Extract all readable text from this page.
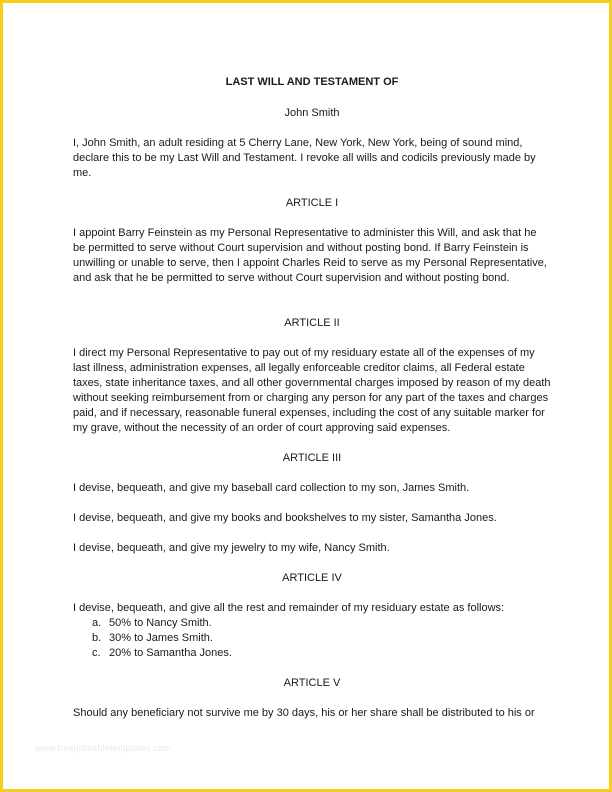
LAST WILL AND TESTAMENT OF
John Smith
I, John Smith, an adult residing at 5 Cherry Lane, New York, New York, being of sound mind, declare this to be my Last Will and Testament. I revoke all wills and codicils previously made by me.
ARTICLE I
I appoint Barry Feinstein as my Personal Representative to administer this Will, and ask that he be permitted to serve without Court supervision and without posting bond. If Barry Feinstein is unwilling or unable to serve, then I appoint Charles Reid to serve as my Personal Representative, and ask that he be permitted to serve without Court supervision and without posting bond.
ARTICLE II
I direct my Personal Representative to pay out of my residuary estate all of the expenses of my last illness, administration expenses, all legally enforceable creditor claims, all Federal estate taxes, state inheritance taxes, and all other governmental charges imposed by reason of my death without seeking reimbursement from or charging any person for any part of the taxes and charges paid, and if necessary, reasonable funeral expenses, including the cost of any suitable marker for my grave, without the necessity of an order of court approving said expenses.
ARTICLE III
I devise, bequeath, and give my baseball card collection to my son, James Smith.
I devise, bequeath, and give my books and bookshelves to my sister, Samantha Jones.
I devise, bequeath, and give my jewelry to my wife, Nancy Smith.
ARTICLE IV
I devise, bequeath, and give all the rest and remainder of my residuary estate as follows:
a. 50% to Nancy Smith.
b. 30% to James Smith.
c. 20% to Samantha Jones.
ARTICLE V
Should any beneficiary not survive me by 30 days, his or her share shall be distributed to his or
www.freeprintabletemplates.com
